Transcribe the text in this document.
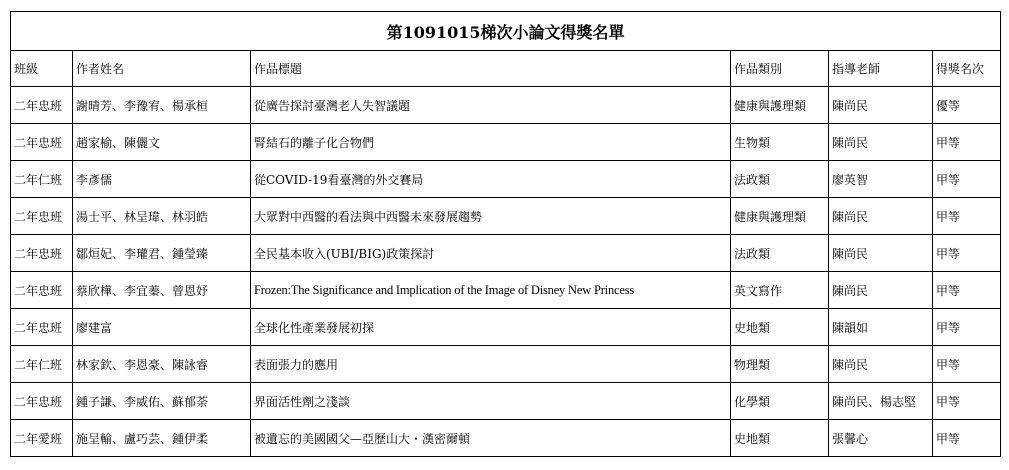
第1091015梯次小論文得獎名單					
班級	作者姓名	作品標題	作品類別	指導老師	得獎名次
二年忠班	謝晴芳、李豫宥、楊承桓	從廣告探討臺灣老人失智議題	健康與護理類	陳尚民	優等
二年忠班	趙家榆、陳儷文	腎結石的離子化合物們	生物類	陳尚民	甲等
二年仁班	李彥儒	從COVID-19看臺灣的外交賽局	法政類	廖英智	甲等
二年忠班	湯士平、林呈瑋、林羽皓	大眾對中西醫的看法與中西醫未來發展趨勢	健康與護理類	陳尚民	甲等
二年忠班	鄒烜妃、李瓘君、鍾瑩臻	全民基本收入(UBI/BIG)政策探討	法政類	陳尚民	甲等
二年忠班	蔡欣樺、李宜蓁、曾恩妤	Frozen:The Significance and Implication of the Image of Disney New Princess	英文寫作	陳尚民	甲等
二年忠班	廖建富	全球化性產業發展初探	史地類	陳韻如	甲等
二年仁班	林家欽、李恩豪、陳詠睿	表面張力的應用	物理類	陳尚民	甲等
二年忠班	鍾子謙、李威佑、蘇郁荼	界面活性劑之淺談	化學類	陳尚民、楊志堅	甲等
二年愛班	施呈輸、盧巧芸、鍾伊柔	被遺忘的美國國父—亞歷山大・漢密爾頓	史地類	張馨心	甲等
